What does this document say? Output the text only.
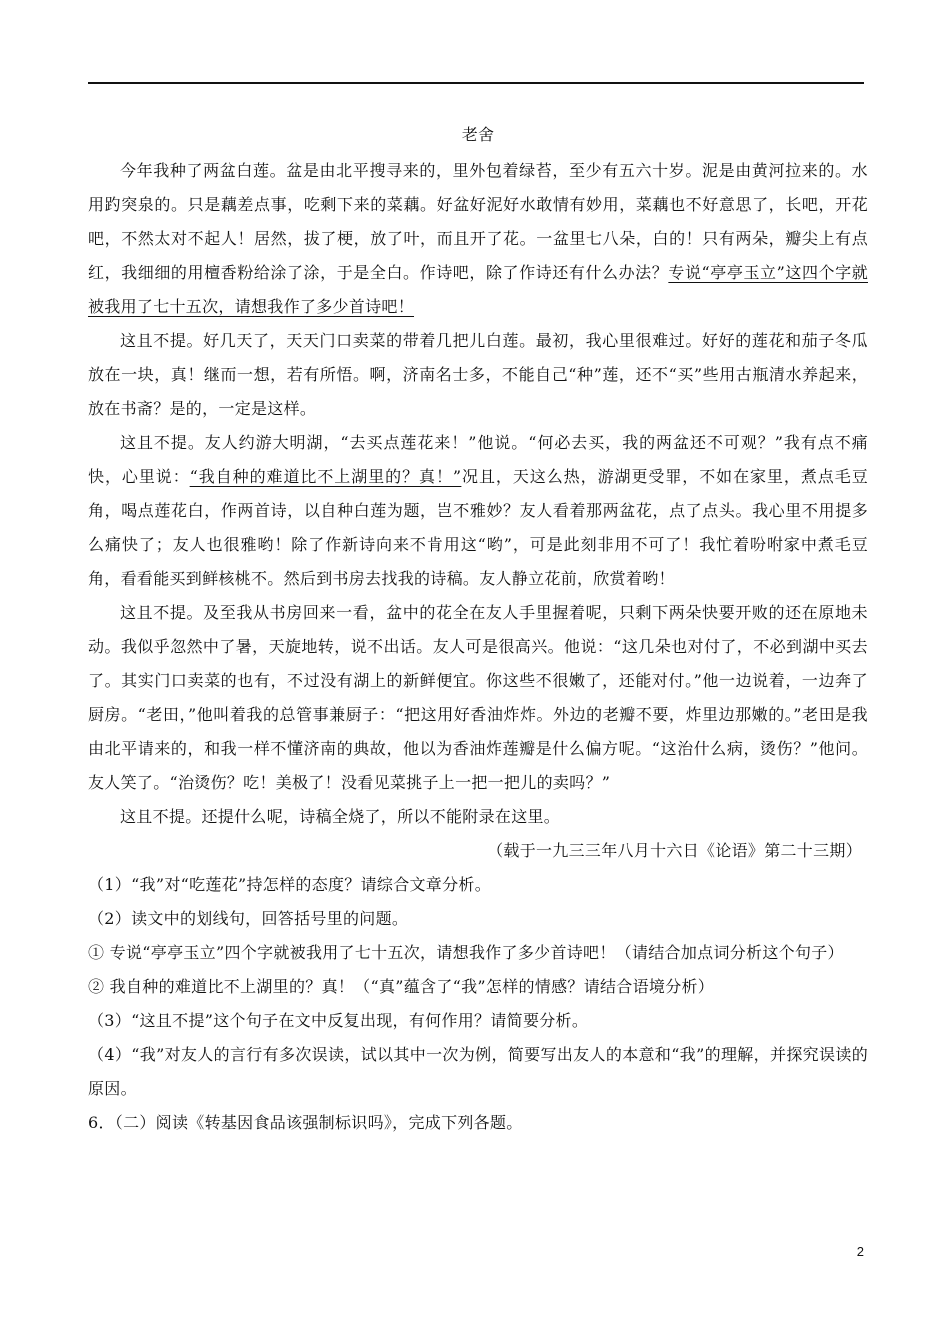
老舍

今年我种了两盆白莲。盆是由北平搜寻来的，里外包着绿苔，至少有五六十岁。泥是由黄河拉来的。水用趵突泉的。只是藕差点事，吃剩下来的菜藕。好盆好泥好水敢情有妙用，菜藕也不好意思了，长吧，开花吧，不然太对不起人！居然，拔了梗，放了叶，而且开了花。一盆里七八朵，白的！只有两朵，瓣尖上有点红，我细细的用檀香粉给涂了涂，于是全白。作诗吧，除了作诗还有什么办法？专说“亭亭玉立”这四个字就被我用了七十五次，请想我作了多少首诗吧！

这且不提。好几天了，天天门口卖菜的带着几把儿白莲。最初，我心里很难过。好好的莲花和茄子冬瓜放在一块，真！继而一想，若有所悟。啊，济南名士多，不能自己“种”莲，还不“买”些用古瓶清水养起来，放在书斋？是的，一定是这样。

这且不提。友人约游大明湖，“去买点莲花来！”他说。“何必去买，我的两盆还不可观？”我有点不痛快，心里说：“我自种的难道比不上湖里的？真！”况且，天这么热，游湖更受罪，不如在家里，煮点毛豆角，喝点莲花白，作两首诗，以自种白莲为题，岂不雅妙？友人看着那两盆花，点了点头。我心里不用提多么痛快了；友人也很雅哟！除了作新诗向来不肯用这“哟”，可是此刻非用不可了！我忙着吩咐家中煮毛豆角，看看能买到鲜核桃不。然后到书房去找我的诗稿。友人静立花前，欣赏着哟！

这且不提。及至我从书房回来一看，盆中的花全在友人手里握着呢，只剩下两朵快要开败的还在原地未动。我似乎忽然中了暑，天旋地转，说不出话。友人可是很高兴。他说：“这几朵也对付了，不必到湖中买去了。其实门口卖菜的也有，不过没有湖上的新鲜便宜。你这些不很嫩了，还能对付。”他一边说着，一边奔了厨房。“老田，”他叫着我的总管事兼厨子：“把这用好香油炸炸。外边的老瓣不要，炸里边那嫩的。”老田是我由北平请来的，和我一样不懂济南的典故，他以为香油炸莲瓣是什么偏方呢。“这治什么病，烫伤？”他问。友人笑了。“治烫伤？吃！美极了！没看见菜挑子上一把一把儿的卖吗？”

这且不提。还提什么呢，诗稿全烧了，所以不能附录在这里。

（载于一九三三年八月十六日《论语》第二十三期）

（1）“我”对“吃莲花”持怎样的态度？请综合文章分析。

（2）读文中的划线句，回答括号里的问题。

① 专说“亭亭玉立”四个字就被我用了七十五次，请想我作了多少首诗吧！（请结合加点词分析这个句子）

② 我自种的难道比不上湖里的？真！（“真”蕴含了“我”怎样的情感？请结合语境分析）

（3）“这且不提”这个句子在文中反复出现，有何作用？请简要分析。

（4）“我”对友人的言行有多次误读，试以其中一次为例，简要写出友人的本意和“我”的理解，并探究误读的原因。

6．（二）阅读《转基因食品该强制标识吗》，完成下列各题。

2
